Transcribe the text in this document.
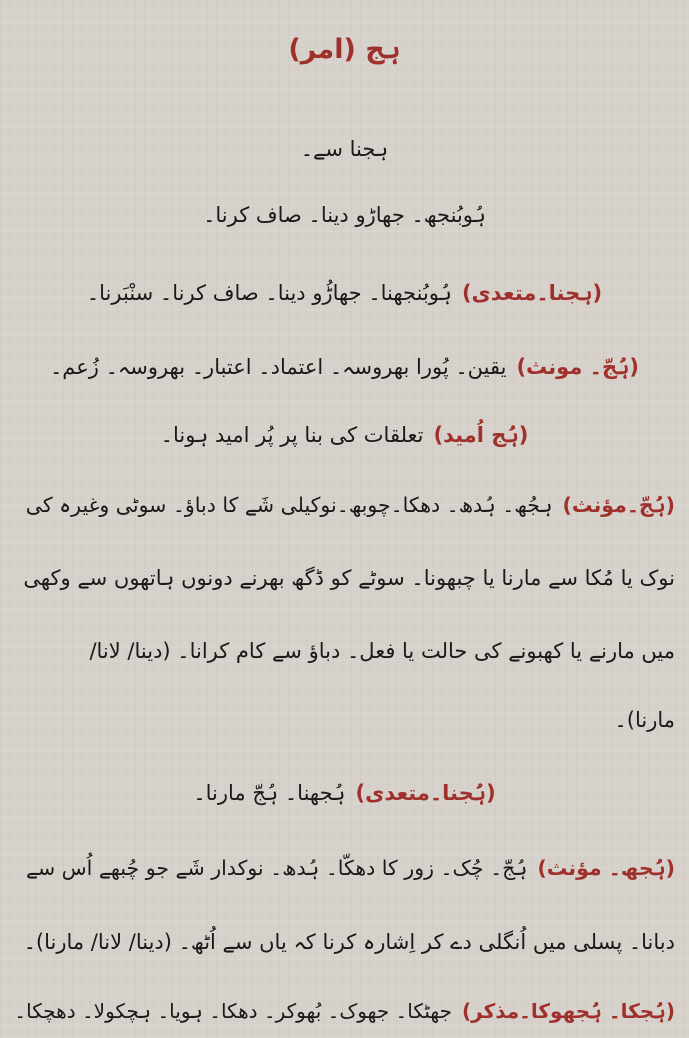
ہج (امر)
ہجنا سے۔
ہُوبُنجھ۔ جھاڑو دینا۔ صاف کرنا۔
(ہجنا۔متعدی)ہُوبُنجھنا۔ جھاڑُو دینا۔ صاف کرنا۔ سنْبَرنا۔
(ہُجّ۔ مونث)یقین۔ پُورا بھروسہ۔ اعتماد۔ اعتبار۔ بھروسہ۔ زُعم۔
(ہُج اُمید)تعلقات کی بنا پر پُر امید ہونا۔
(ہُجّ۔مؤنث)ہجُھ۔ ہُدھ۔ دھکا۔چوبھ۔نوکیلی شَے کا دباؤ۔ سوٹی وغیرہ کی
نوک یا مُکا سے مارنا یا چبھونا۔ سوٹے کو ڈگھ بھرنے دونوں ہاتھوں سے وکھی
میں مارنے یا کھبونے کی حالت یا فعل۔ دباؤ سے کام کرانا۔ (دینا/ لانا/
مارنا)۔
(ہُجنا۔متعدی)ہُجھنا۔ ہُجّ مارنا۔
(ہُجھ۔ مؤنث)ہُجّ۔ چُک۔ زور کا دھکّا۔ ہُدھ۔ نوکدار شَے جو چُبھے اُس سے
دبانا۔ پسلی میں اُنگلی دے کر اِشارہ کرنا کہ یاں سے اُٹھ۔ (دینا/ لانا/ مارنا)۔
(ہُجکا۔ ہُجھوکا۔مذکر)جھٹکا۔ جھوک۔ بُھوکر۔ دھکا۔ ہویا۔ ہچکولا۔ دھچکا۔
